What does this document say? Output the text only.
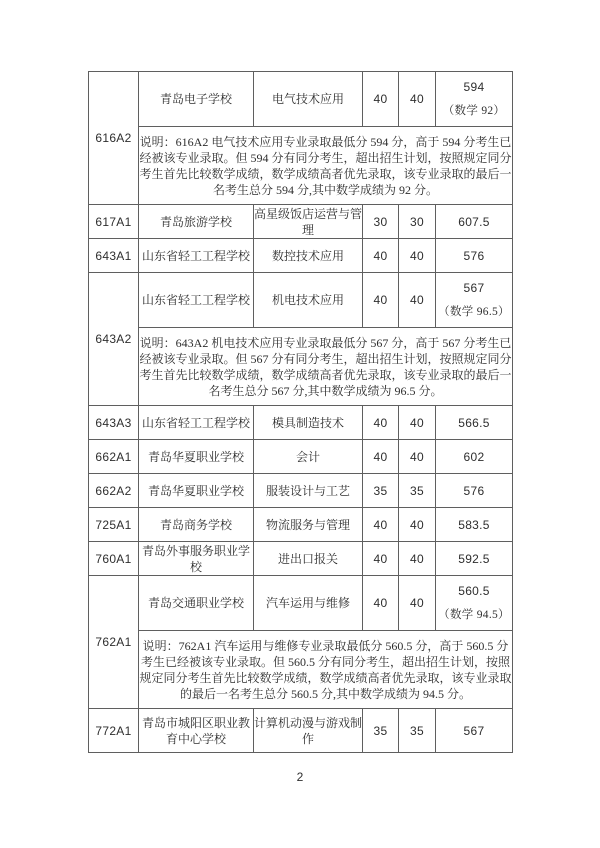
616A2	青岛电子学校	电气技术应用	40	40	594
（数学 92）

	说明：616A2 电气技术应用专业录取最低分 594 分，高于 594 分考生已经被该专业录取。但 594 分有同分考生，超出招生计划，按照规定同分考生首先比较数学成绩，数学成绩高者优先录取，该专业录取的最后一名考生总分 594 分,其中数学成绩为 92 分。				
617A1	青岛旅游学校	高星级饭店运营与管理	30	30	607.5

643A1	山东省轻工工程学校	数控技术应用	40	40	576

643A2	山东省轻工工程学校	机电技术应用	40	40	567
（数学 96.5）

	说明：643A2 机电技术应用专业录取最低分 567 分，高于 567 分考生已经被该专业录取。但 567 分有同分考生，超出招生计划，按照规定同分考生首先比较数学成绩，数学成绩高者优先录取，该专业录取的最后一名考生总分 567 分,其中数学成绩为 96.5 分。				
643A3	山东省轻工工程学校	模具制造技术	40	40	566.5

662A1	青岛华夏职业学校	会计	40	40	602

662A2	青岛华夏职业学校	服装设计与工艺	35	35	576

725A1	青岛商务学校	物流服务与管理	40	40	583.5

760A1	青岛外事服务职业学校	进出口报关	40	40	592.5

762A1	青岛交通职业学校	汽车运用与维修	40	40	560.5
（数学 94.5）

	说明：762A1 汽车运用与维修专业录取最低分 560.5 分，高于 560.5 分考生已经被该专业录取。但 560.5 分有同分考生，超出招生计划，按照规定同分考生首先比较数学成绩，数学成绩高者优先录取，该专业录取的最后一名考生总分 560.5 分,其中数学成绩为 94.5 分。				
772A1	青岛市城阳区职业教育中心学校	计算机动漫与游戏制作	35	35	567
2
